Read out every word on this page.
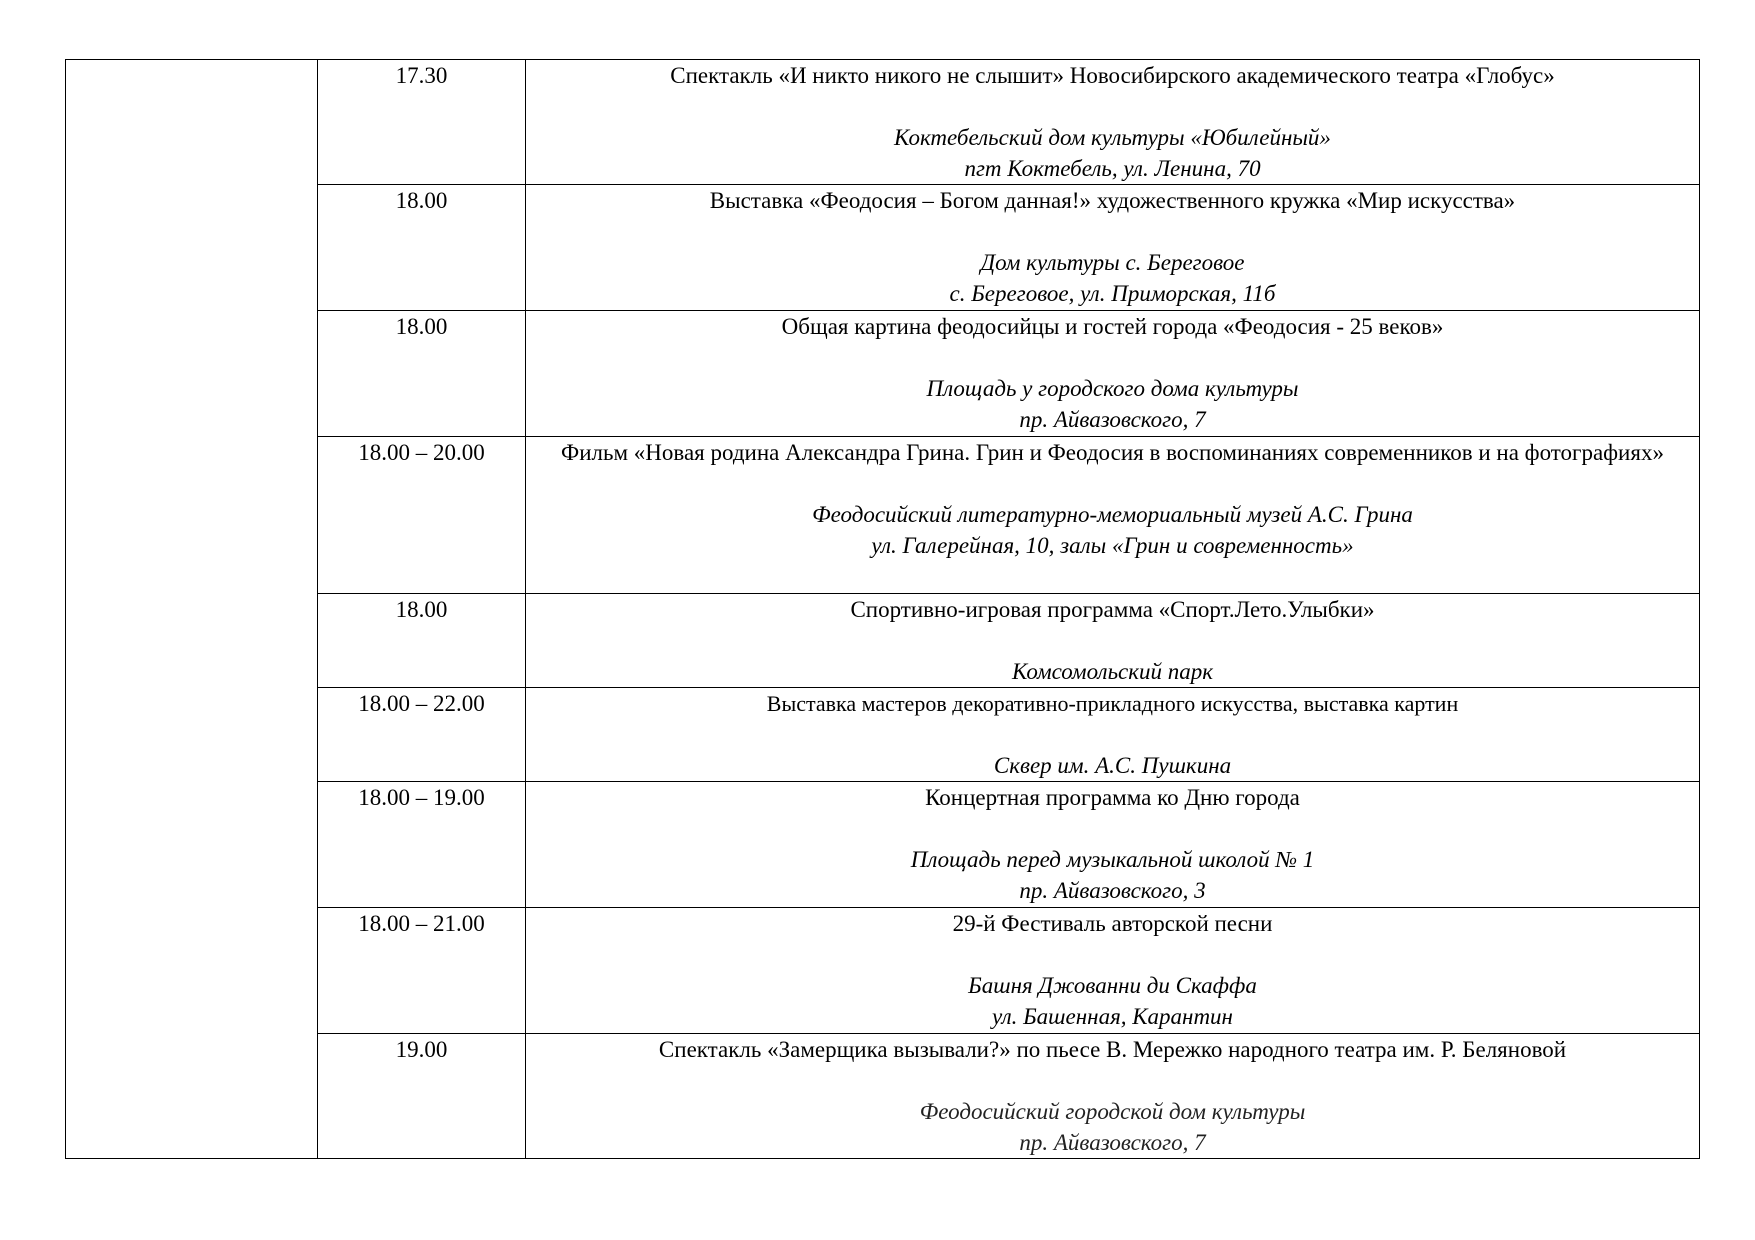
	17.30	Спектакль «И никто никого не слышит» Новосибирского академического театра «Глобус»
Коктебельский дом культуры «Юбилейный»
пгт Коктебель, ул. Ленина, 70

	18.00	Выставка «Феодосия – Богом данная!» художественного кружка «Мир искусства»
Дом культуры с. Береговое
с. Береговое, ул. Приморская, 11б

	18.00	Общая картина феодосийцы и гостей города «Феодосия - 25 веков»
Площадь у городского дома культуры
пр. Айвазовского, 7

	18.00 – 20.00	Фильм «Новая родина Александра Грина. Грин и Феодосия в воспоминаниях современников и на фотографиях»
Феодосийский литературно-мемориальный музей А.С. Грина
ул. Галерейная, 10, залы «Грин и современность»

	18.00	Спортивно-игровая программа «Спорт.Лето.Улыбки»
Комсомольский парк

	18.00 – 22.00	Выставка мастеров декоративно-прикладного искусства, выставка картин
Сквер им. А.С. Пушкина

	18.00 – 19.00	Концертная программа ко Дню города
Площадь перед музыкальной школой № 1
пр. Айвазовского, 3

	18.00 – 21.00	29-й Фестиваль авторской песни
Башня Джованни ди Скаффа
ул. Башенная, Карантин

	19.00	Спектакль «Замерщика вызывали?» по пьесе В. Мережко народного театра им. Р. Беляновой
Феодосийский городской дом культуры
пр. Айвазовского, 7
